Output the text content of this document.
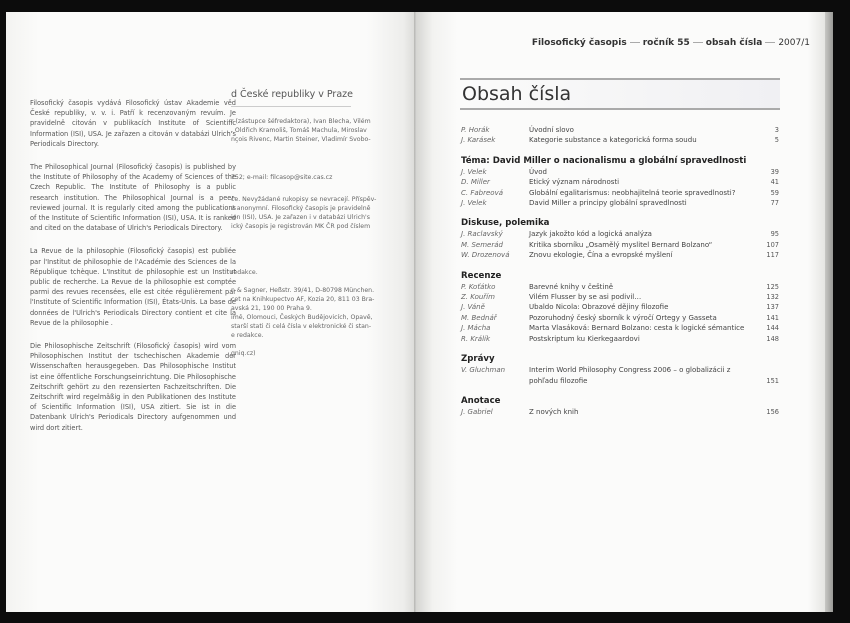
Filosofický časopis vydává Filosofický ústav Akademie věd České republiky, v. v. i. Patří k recenzovaným revuím. Je pravidelně citován v publikacích Institute of Scientific Information (ISI), USA. Je zařazen a citován v databázi Ulrich's Periodicals Directory.

The Philosophical Journal (Filosofický časopis) is published by the Institute of Philosophy of the Academy of Sciences of the Czech Republic. The Institute of Philosophy is a public research institution. The Philosophical Journal is a peer-reviewed journal. It is regularly cited among the publications of the Institute of Scientific Information (ISI), USA. It is ranked and cited on the database of Ulrich's Periodicals Directory.

La Revue de la philosophie (Filosofický časopis) est publiée par l'Institut de philosophie de l'Académie des Sciences de la République tchèque. L'Institut de philosophie est un Institut public de recherche. La Revue de la philosophie est comptée parmi des revues recensées, elle est citée régulièrement par l'Institute of Scientific Information (ISI), États-Unis. La base de données de l'Ulrich's Periodicals Directory contient et cite la Revue de la philosophie .

Die Philosophische Zeitschrift (Filosofický časopis) wird vom Philosophischen Institut der tschechischen Akademie der Wissenschaften herausgegeben. Das Philosophische Institut ist eine öffentliche Forschungseinrichtung. Die Philosophische Zeitschrift gehört zu den rezensierten Fachzeitschriften. Die Zeitschrift wird regelmäßig in den Publikationen des Institute of Scientific Information (ISI), USA zitiert. Sie ist in die Datenbank Ulrich's Periodicals Directory aufgenommen und wird dort zitiert.

d České republiky v Praze
r (zástupce šéfredaktora), Ivan Blecha, Vilém
, Oldřich Kramoliš, Tomáš Machula, Miroslav
nçois Rivenc, Martin Steiner, Vladimír Svobo-
752; e-mail: filcasop@site.cas.cz
ce. Nevyžádané rukopisy se nevracejí. Příspěv-
é anonymní. Filosofický časopis je pravidelně
ion (ISI), USA. Je zařazen i v databázi Ulrich's
ický časopis je registrován MK ČR pod číslem
redakce.
n & Sagner, Heßstr. 39/41, D-80798 München.
cet na Knihkupectvo AF, Kozia 20, 811 03 Bra-
avská 21, 190 00 Praha 9.
imě, Olomouci, Českých Budějovicích, Opavě,
starší stati či celá čísla v elektronické či stan-
e redakce.
gniq.cz)
Filosofický časopis ročník 55 obsah čísla 2007/1
Obsah čísla
P. Horák	Úvodní slovo	3
J. Karásek	Kategorie substance a kategorická forma soudu	5
Téma: David Miller o nacionalismu a globální spravedlnosti
J. Velek	Úvod	39
D. Miller	Etický význam národnosti	41
C. Fabreová	Globální egalitarismus: neobhajitelná teorie spravedlnosti?	59
J. Velek	David Miller a principy globální spravedlnosti	77
Diskuse, polemika
J. Raclavský	Jazyk jakožto kód a logická analýza	95
M. Semerád	Kritika sborníku „Osamělý myslitel Bernard Bolzano“	107
W. Drozenová	Znovu ekologie, Čína a evropské myšlení	117
Recenze
P. Koťátko	Barevné knihy v češtině	125
Z. Kouřím	Vilém Flusser by se asi podivil…	132
J. Váně	Ubaldo Nicola: Obrazové dějiny filozofie	137
M. Bednář	Pozoruhodný český sborník k výročí Ortegy y Gasseta	141
J. Mácha	Marta Vlasáková: Bernard Bolzano: cesta k logické sémantice	144
R. Králík	Postskriptum ku Kierkegaardovi	148
Zprávy
V. Gluchman	Interim World Philosophy Congress 2006 – o globalizácii z pohľadu filozofie	151
Anotace
J. Gabriel	Z nových knih	156
